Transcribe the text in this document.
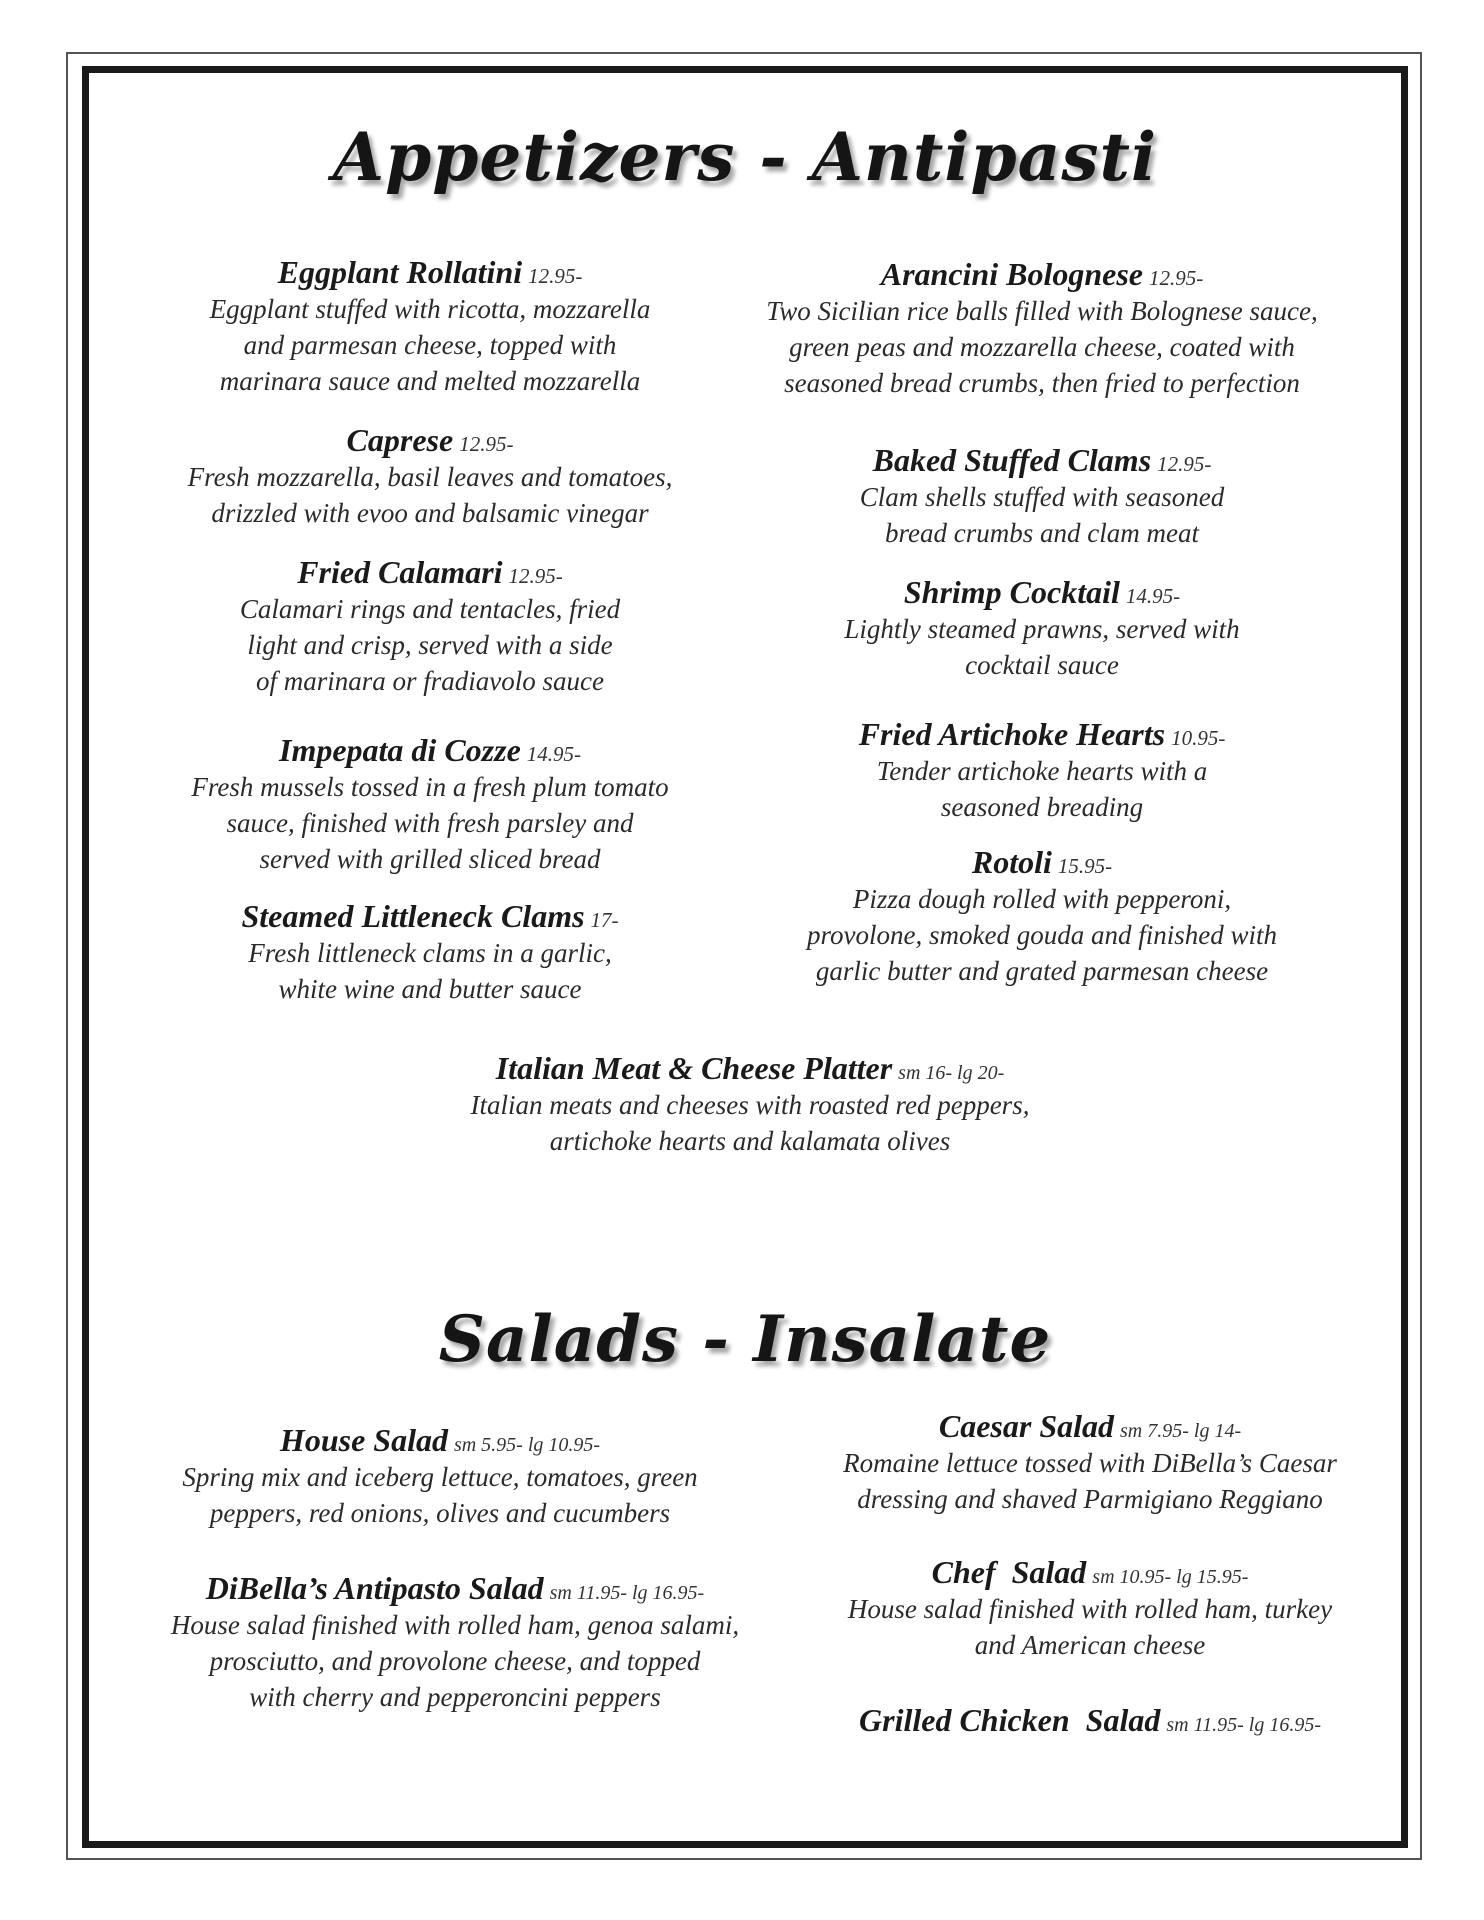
Appetizers - Antipasti
Eggplant Rollatini 12.95-
Eggplant stuffed with ricotta, mozzarella
and parmesan cheese, topped with
marinara sauce and melted mozzarella
Caprese 12.95-
Fresh mozzarella, basil leaves and tomatoes,
drizzled with evoo and balsamic vinegar
Fried Calamari 12.95-
Calamari rings and tentacles, fried
light and crisp, served with a side
of marinara or fradiavolo sauce
Impepata di Cozze 14.95-
Fresh mussels tossed in a fresh plum tomato
sauce, finished with fresh parsley and
served with grilled sliced bread
Steamed Littleneck Clams 17-
Fresh littleneck clams in a garlic,
white wine and butter sauce
Arancini Bolognese 12.95-
Two Sicilian rice balls filled with Bolognese sauce,
green peas and mozzarella cheese, coated with
seasoned bread crumbs, then fried to perfection
Baked Stuffed Clams 12.95-
Clam shells stuffed with seasoned
bread crumbs and clam meat
Shrimp Cocktail 14.95-
Lightly steamed prawns, served with
cocktail sauce
Fried Artichoke Hearts 10.95-
Tender artichoke hearts with a
seasoned breading
Rotoli 15.95-
Pizza dough rolled with pepperoni,
provolone, smoked gouda and finished with
garlic butter and grated parmesan cheese
Italian Meat & Cheese Platter sm 16- lg 20-
Italian meats and cheeses with roasted red peppers,
artichoke hearts and kalamata olives
Salads - Insalate
House Salad sm 5.95- lg 10.95-
Spring mix and iceberg lettuce, tomatoes, green
peppers, red onions, olives and cucumbers
DiBella’s Antipasto Salad sm 11.95- lg 16.95-
House salad finished with rolled ham, genoa salami,
prosciutto, and provolone cheese, and topped
with cherry and pepperoncini peppers
Caesar Salad sm 7.95- lg 14-
Romaine lettuce tossed with DiBella’s Caesar
dressing and shaved Parmigiano Reggiano
Chef  Salad sm 10.95- lg 15.95-
House salad finished with rolled ham, turkey
and American cheese
Grilled Chicken  Salad sm 11.95- lg 16.95-
